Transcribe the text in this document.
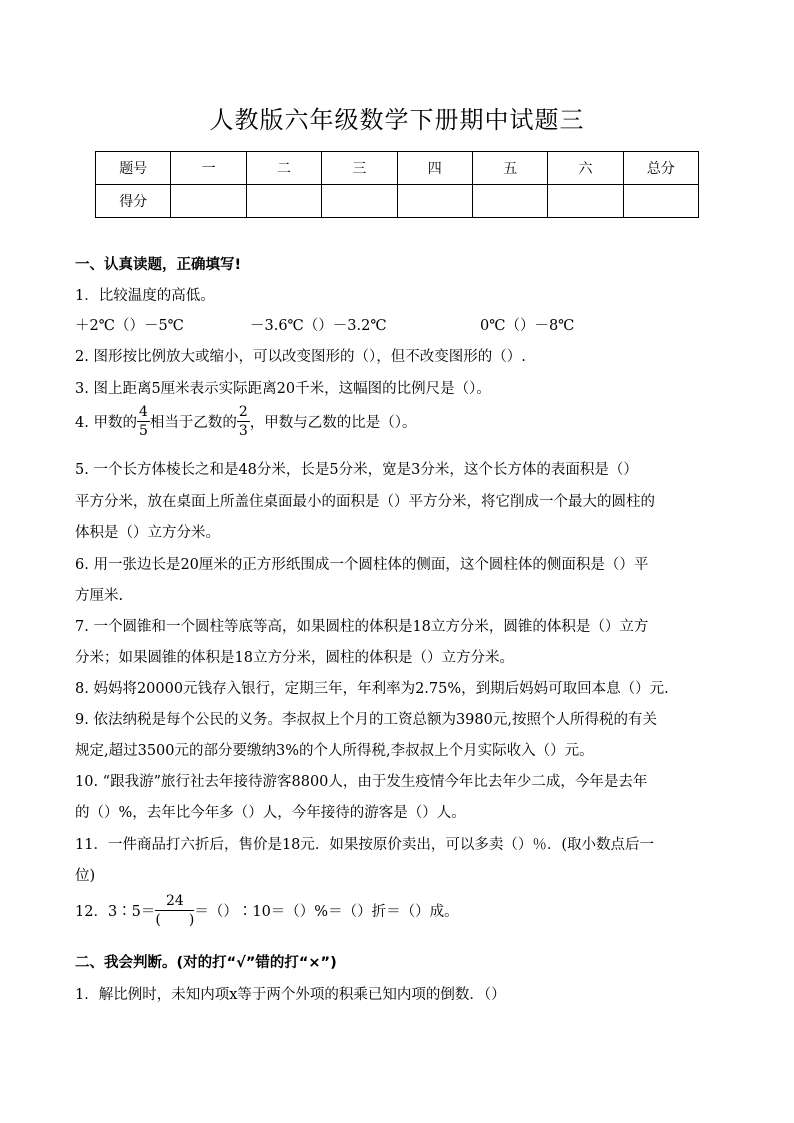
人教版六年级数学下册期中试题三
题号	一	二	三	四	五	六	总分
得分							
一、认真读题，正确填写!
1．比较温度的高低。
＋2℃（）－5℃	－3.6℃（）－3.2℃	0℃（）－8℃
2. 图形按比例放大或缩小，可以改变图形的（），但不改变图形的（）.
3. 图上距离5厘米表示实际距离20千米，这幅图的比例尺是（）。
4. 甲数的 $\frac{4}{5}$ 相当于乙数的 $\frac{2}{3}$ ，甲数与乙数的比是（）。
5. 一个长方体棱长之和是48分米，长是5分米，宽是3分米，这个长方体的表面积是（）
平方分米，放在桌面上所盖住桌面最小的面积是（）平方分米，将它削成一个最大的圆柱的
体积是（）立方分米。
6. 用一张边长是20厘米的正方形纸围成一个圆柱体的侧面，这个圆柱体的侧面积是（）平
方厘米.
7. 一个圆锥和一个圆柱等底等高，如果圆柱的体积是18立方分米，圆锥的体积是（）立方
分米；如果圆锥的体积是18立方分米，圆柱的体积是（）立方分米。
8. 妈妈将20000元钱存入银行，定期三年，年利率为2.75%，到期后妈妈可取回本息（）元.
9. 依法纳税是每个公民的义务。李叔叔上个月的工资总额为3980元,按照个人所得税的有关
规定,超过3500元的部分要缴纳3%的个人所得税,李叔叔上个月实际收入（）元。
10. “跟我游”旅行社去年接待游客8800人，由于发生疫情今年比去年少二成，今年是去年
的（）%，去年比今年多（）人，今年接待的游客是（）人。
11．一件商品打六折后，售价是18元．如果按原价卖出，可以多卖（）％．(取小数点后一
位)
12．3∶5＝ $\frac{24}{( )}$ ＝（）∶10＝（）%＝（）折＝（）成。
二、我会判断。(对的打“√”错的打“×”)
1．解比例时，未知内项x等于两个外项的积乘已知内项的倒数．（）
